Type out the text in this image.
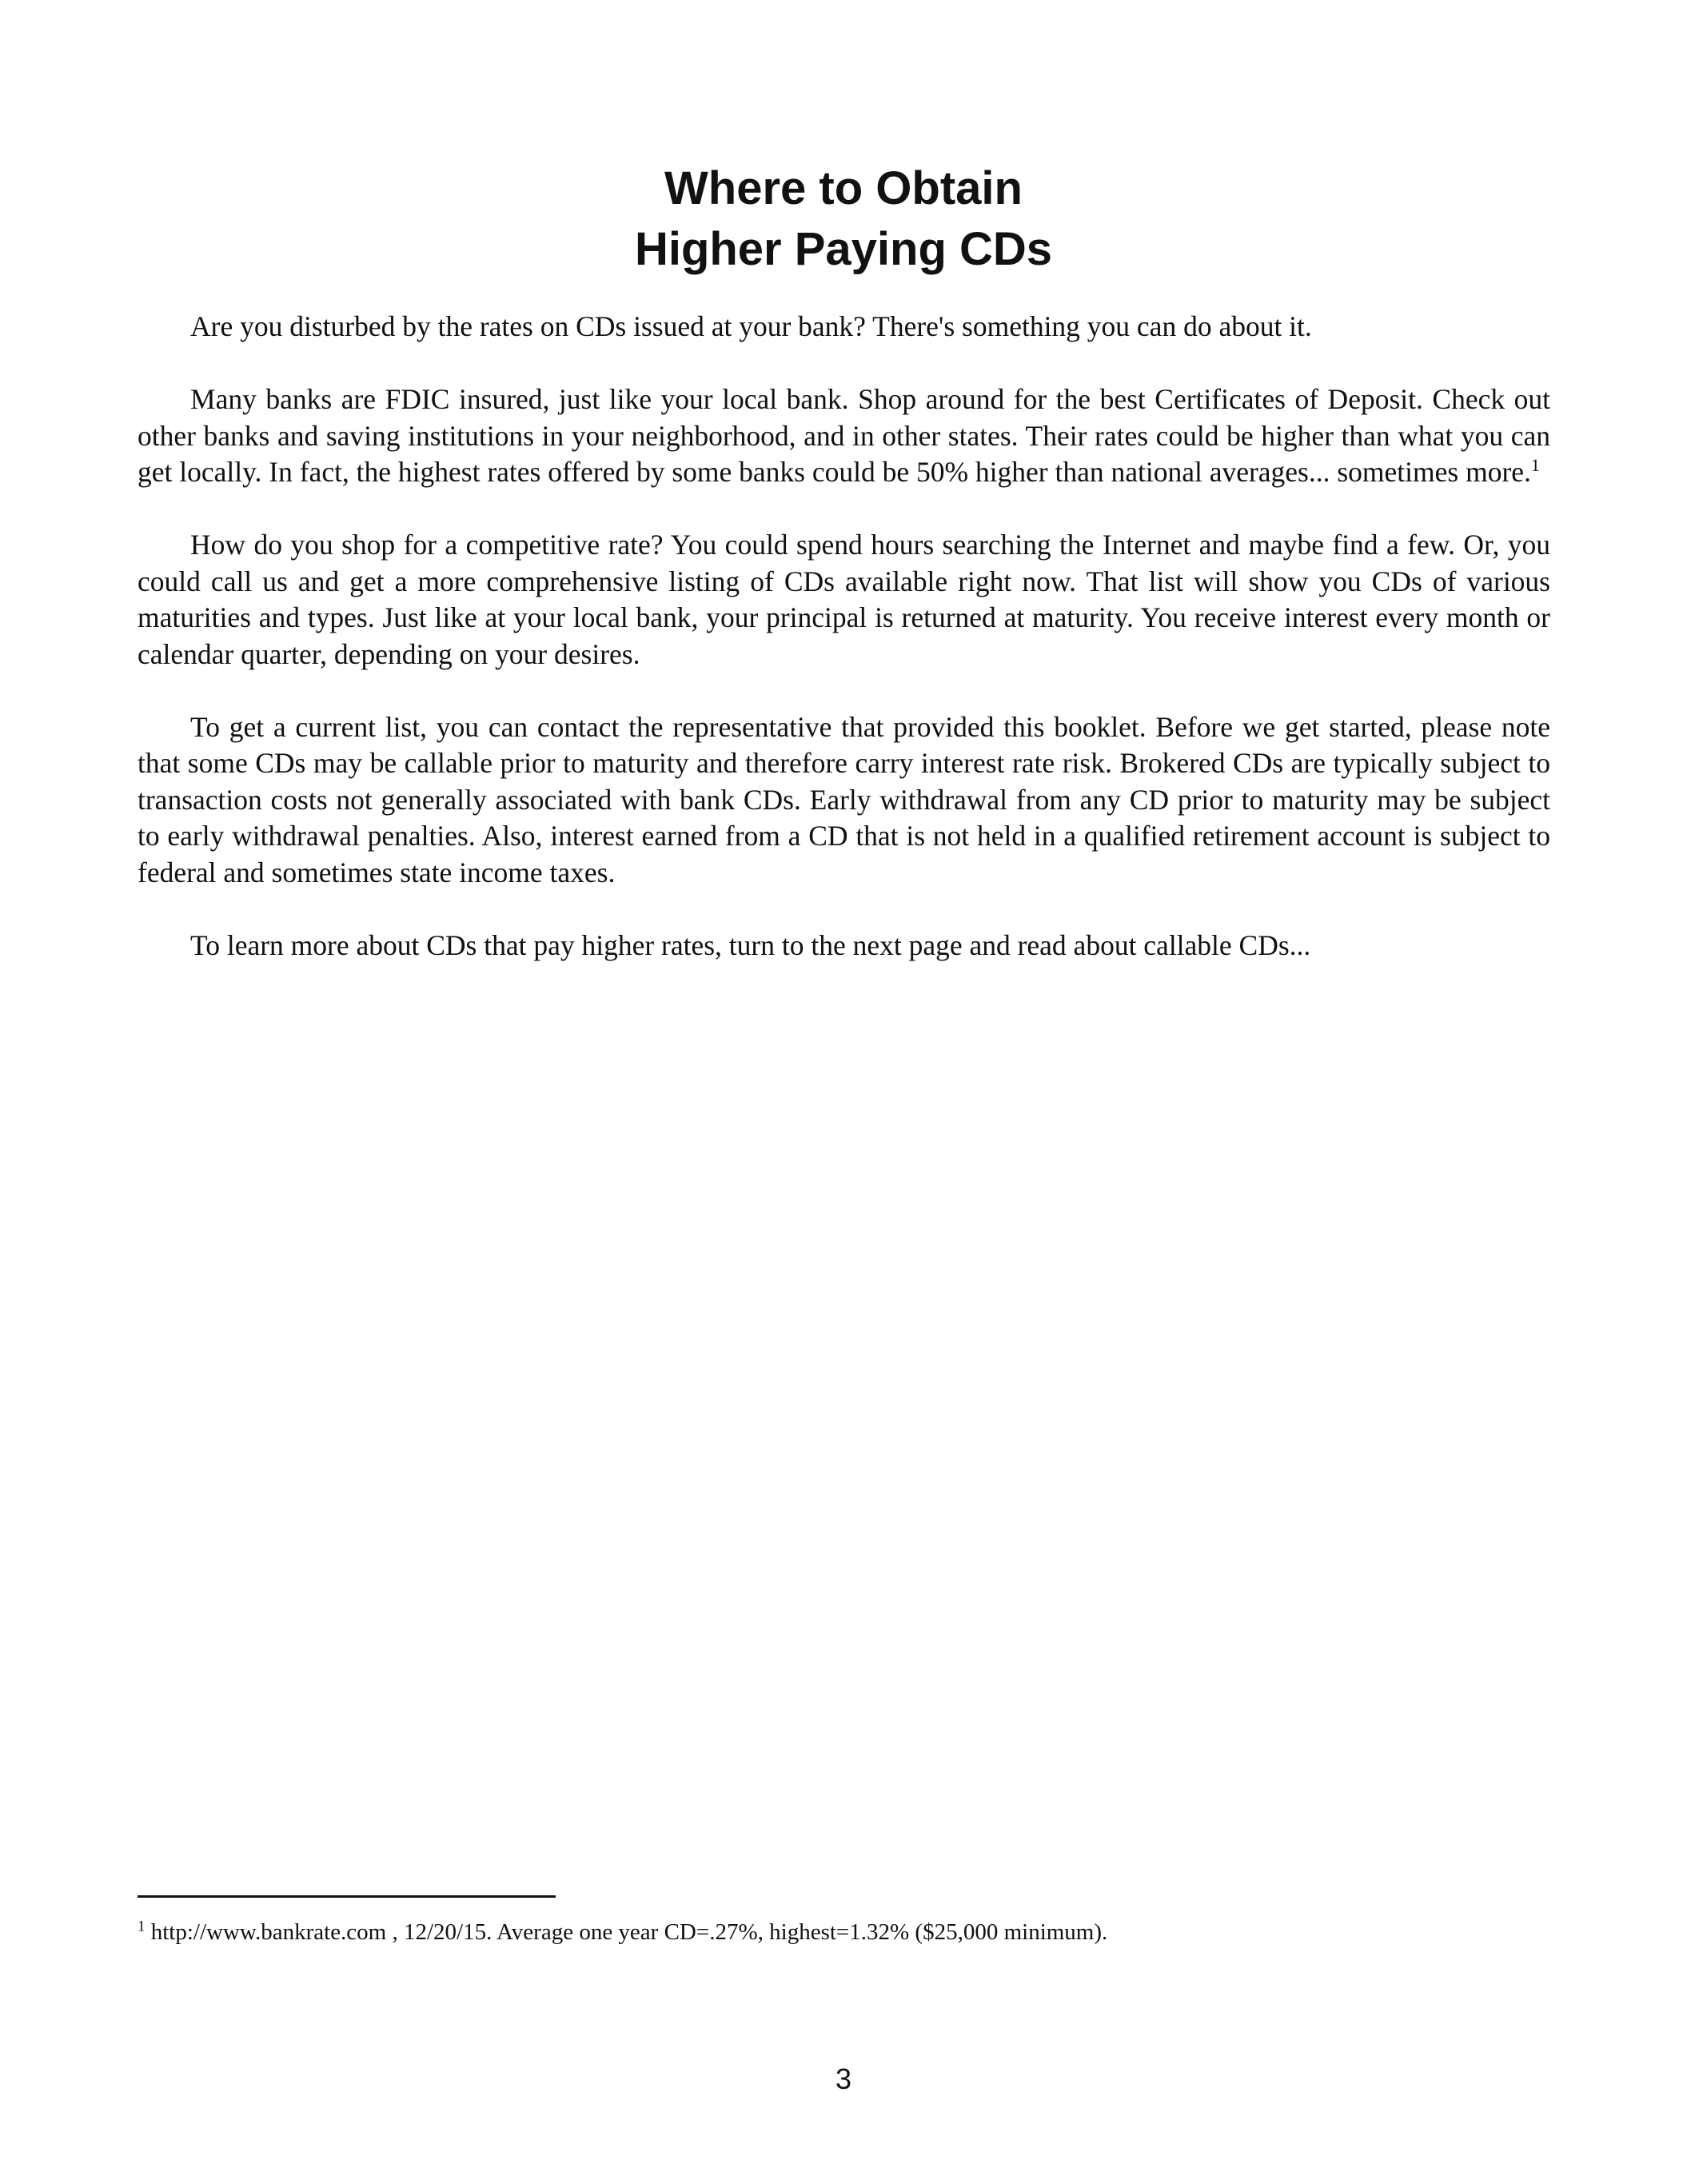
Where to Obtain
Higher Paying CDs

Are you disturbed by the rates on CDs issued at your bank? There's something you can do about it.

Many banks are FDIC insured, just like your local bank. Shop around for the best Certificates of Deposit. Check out other banks and saving institutions in your neighborhood, and in other states. Their rates could be higher than what you can get locally. In fact, the highest rates offered by some banks could be 50% higher than national averages... sometimes more.$^1$

How do you shop for a competitive rate? You could spend hours searching the Internet and maybe find a few. Or, you could call us and get a more comprehensive listing of CDs available right now. That list will show you CDs of various maturities and types. Just like at your local bank, your principal is returned at maturity. You receive interest every month or calendar quarter, depending on your desires.

To get a current list, you can contact the representative that provided this booklet. Before we get started, please note that some CDs may be callable prior to maturity and therefore carry interest rate risk. Brokered CDs are typically subject to transaction costs not generally associated with bank CDs. Early withdrawal from any CD prior to maturity may be subject to early withdrawal penalties. Also, interest earned from a CD that is not held in a qualified retirement account is subject to federal and sometimes state income taxes.

To learn more about CDs that pay higher rates, turn to the next page and read about callable CDs...

$^1$ http://www.bankrate.com , 12/20/15. Average one year CD=.27%, highest=1.32% ($25,000 minimum).

3
